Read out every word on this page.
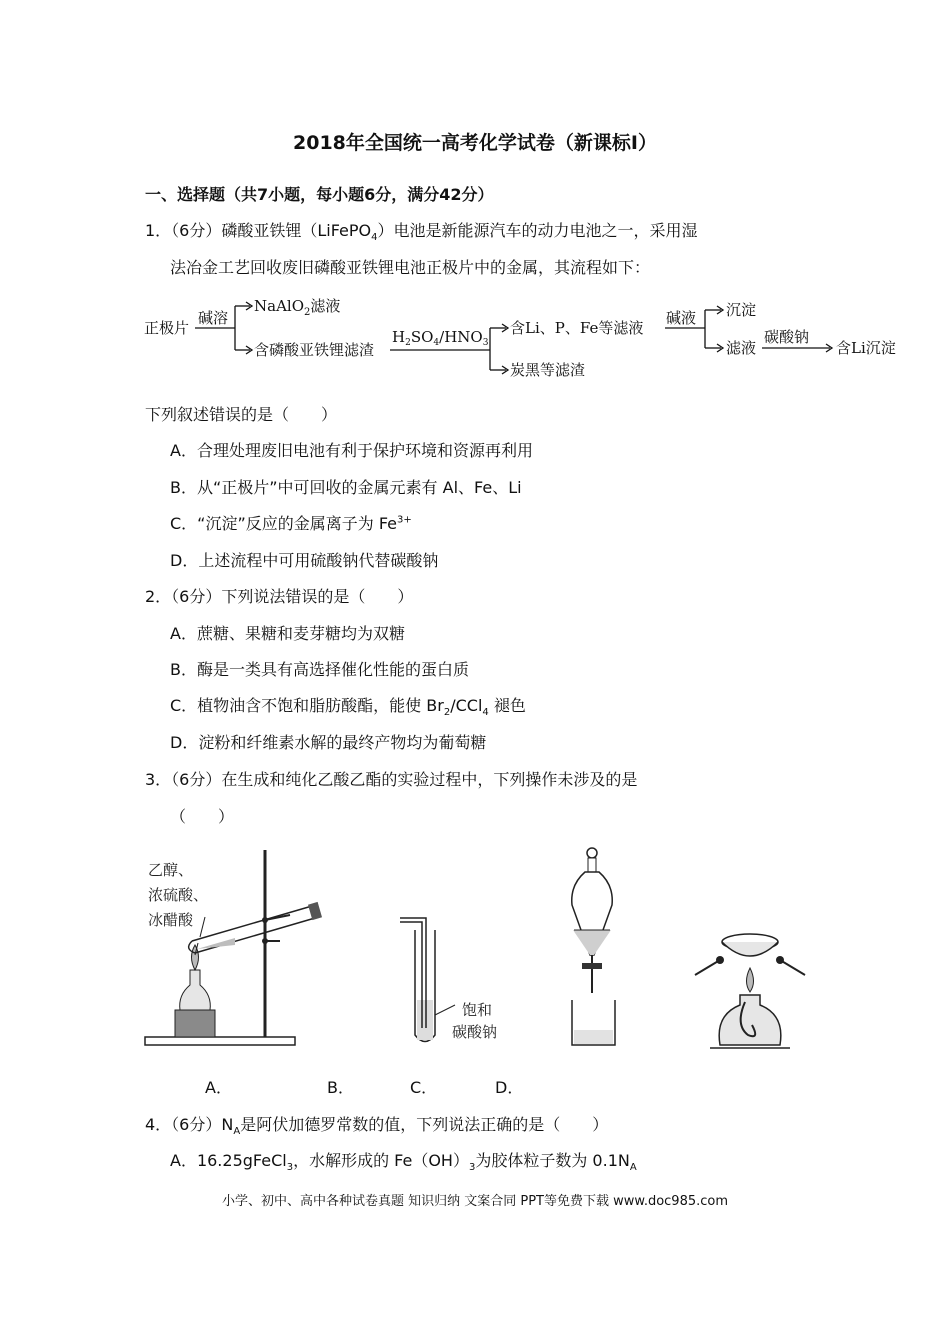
2018年全国统一高考化学试卷（新课标I）
一、选择题（共7小题，每小题6分，满分42分）
1．（6分）磷酸亚铁锂（LiFePO$_4$）电池是新能源汽车的动力电池之一，采用湿
法冶金工艺回收废旧磷酸亚铁锂电池正极片中的金属，其流程如下：
正极片
碱溶
NaAlO$_2$滤液
含磷酸亚铁锂滤渣
$H_2SO_4/HNO_3$
含Li、P、Fe等滤液
炭黑等滤渣
碱液 沉淀
滤液
碳酸钠
含Li沉淀
下列叙述错误的是（　　）
A．合理处理废旧电池有利于保护环境和资源再利用
B．从“正极片”中可回收的金属元素有 Al、Fe、Li
C．“沉淀”反应的金属离子为 $Fe^{3+}$
D．上述流程中可用硫酸钠代替碳酸钠
2．（6分）下列说法错误的是（　　）
A．蔗糖、果糖和麦芽糖均为双糖
B．酶是一类具有高选择催化性能的蛋白质
C．植物油含不饱和脂肪酸酯，能使 $Br_2/CCl_4$ 褪色
D．淀粉和纤维素水解的最终产物均为葡萄糖
3．（6分）在生成和纯化乙酸乙酯的实验过程中，下列操作未涉及的是
（　　）
乙醇、
浓硫酸、
冰醋酸
饱和
碳酸钠
A．	B．	C．	D．
4．（6分）$N_A$是阿伏加德罗常数的值，下列说法正确的是（　　）
A．16.25gFeCl$_3$，水解形成的 $Fe(OH)_3$为胶体粒子数为 $0.1N_A$
小学、初中、高中各种试卷真题 知识归纳 文案合同 PPT等免费下载 www.doc985.com
